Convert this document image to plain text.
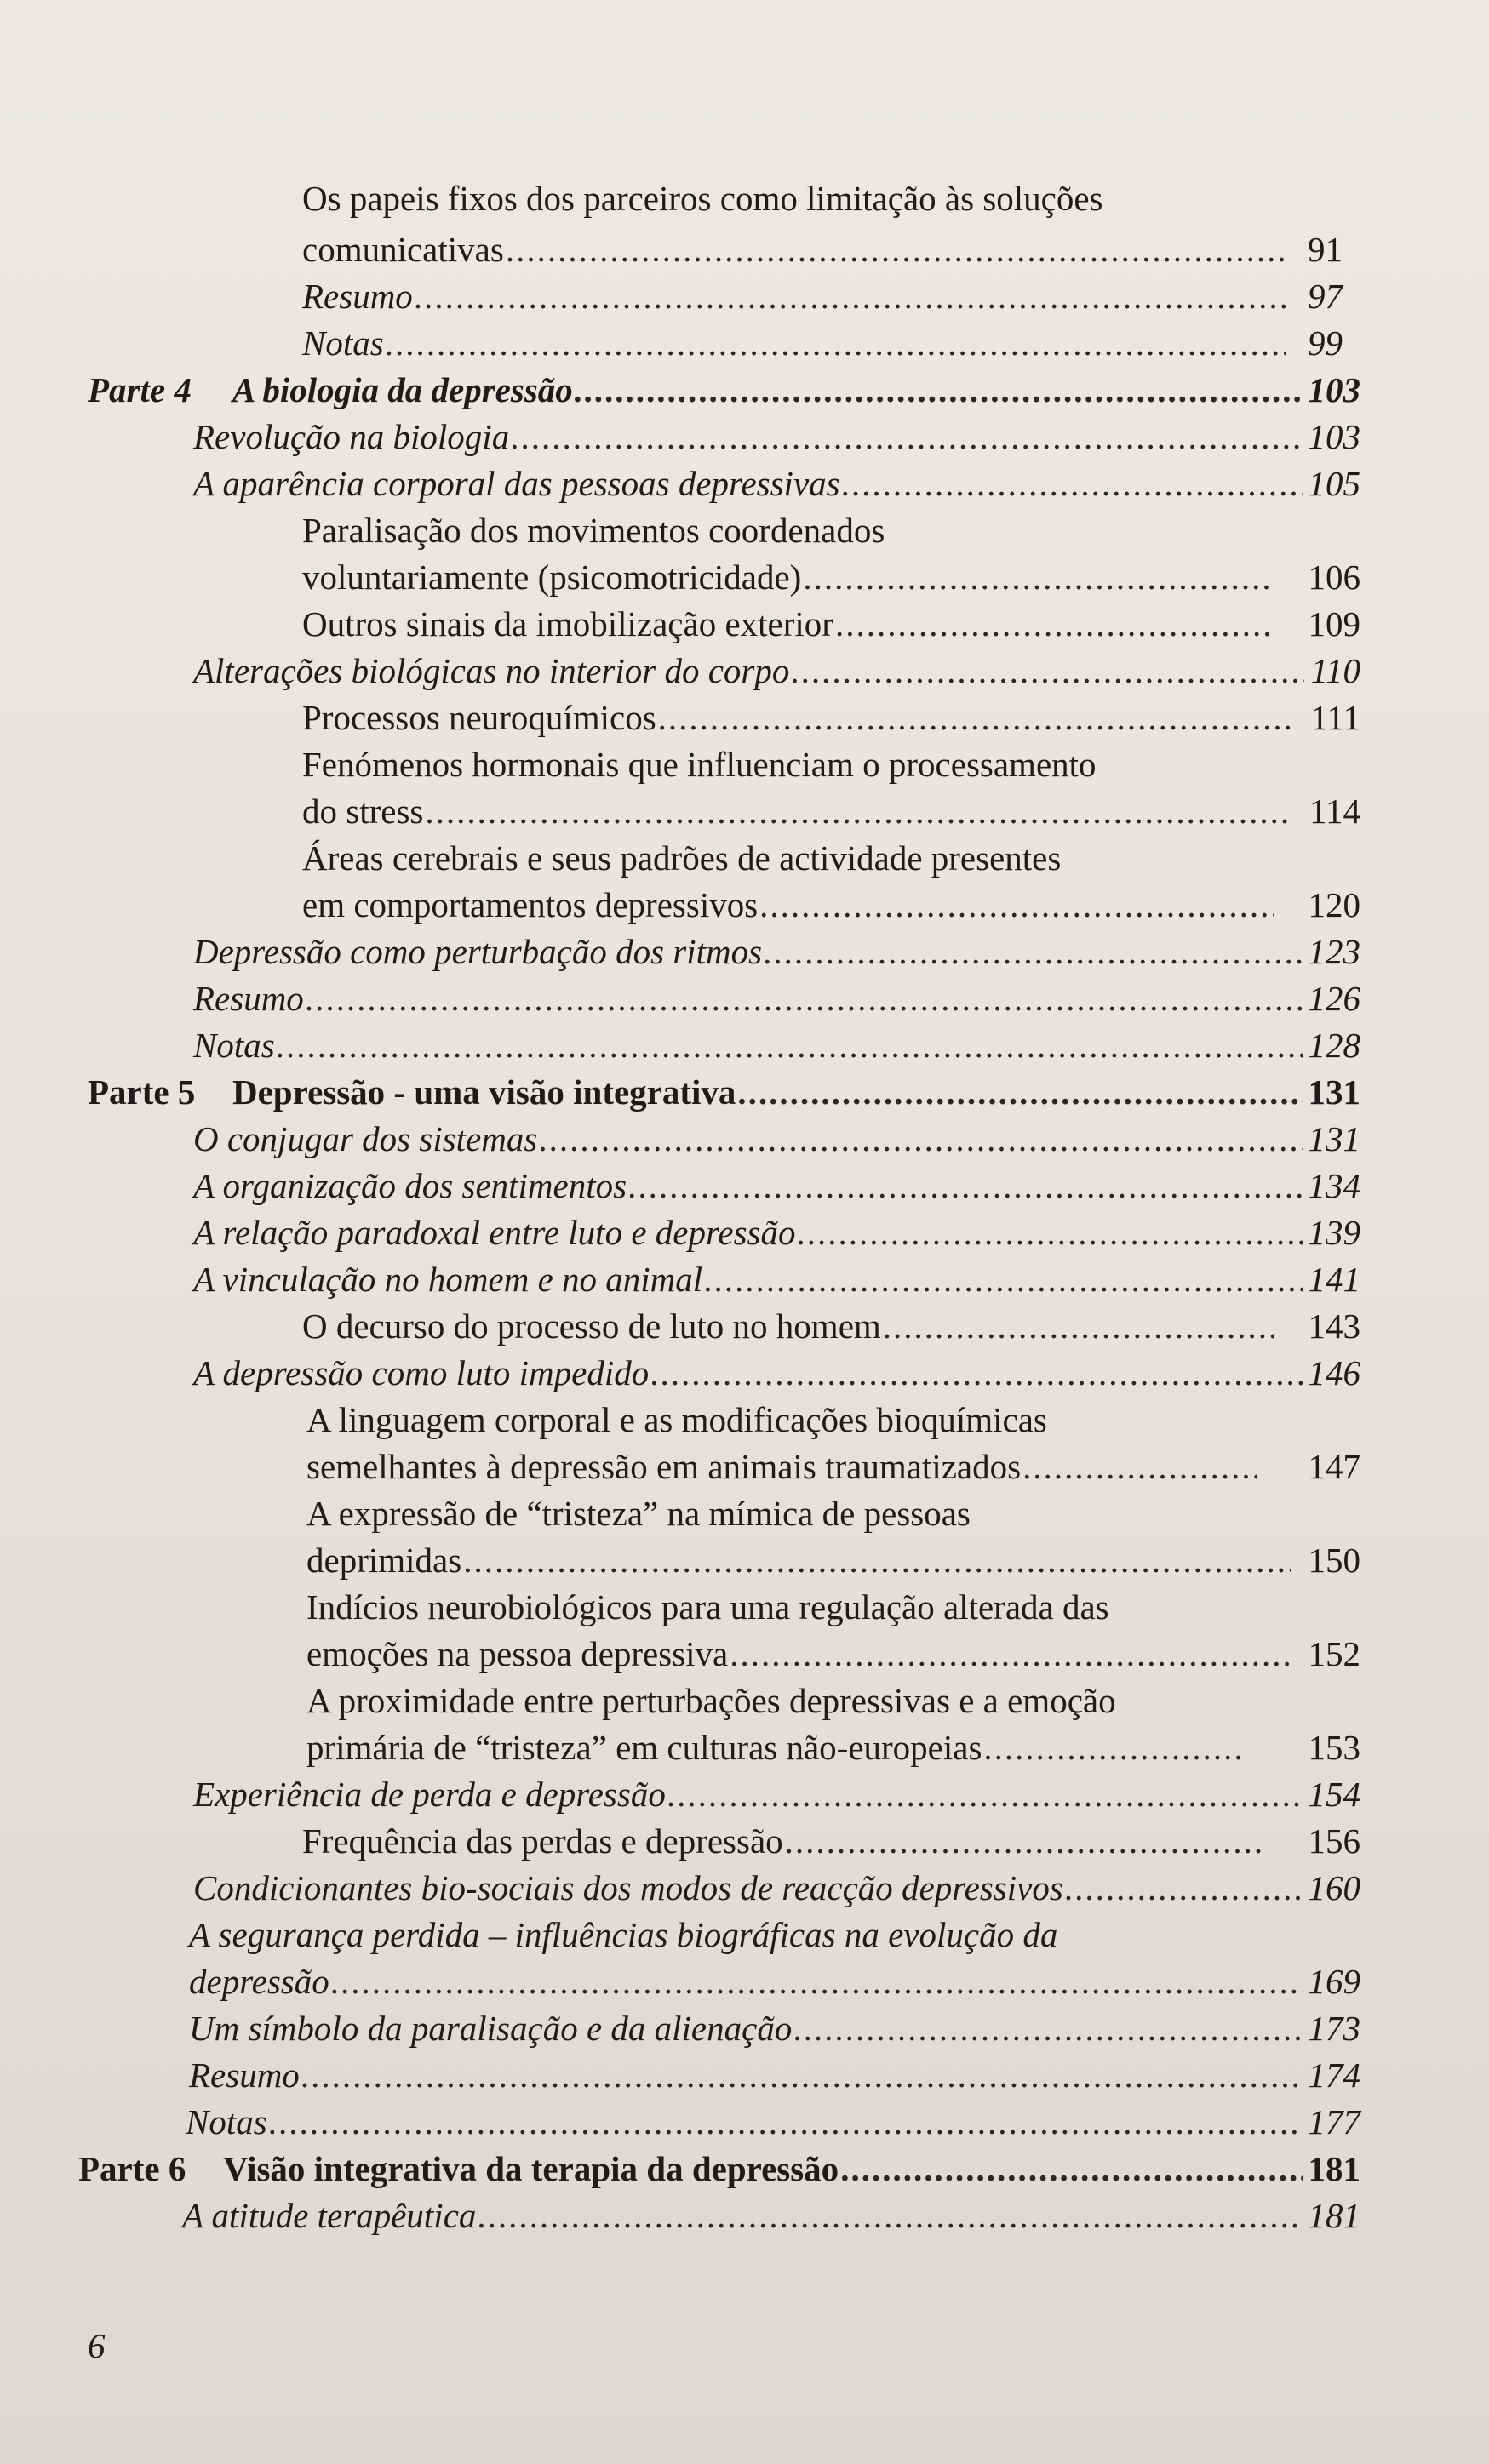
Os papeis fixos dos parceiros como limitação às soluções
comunicativas .....	91
Resumo .....	97
Notas .....	99
Parte 4 A biologia da depressão .....	103
Revolução na biologia .....	103
A aparência corporal das pessoas depressivas .....	105
Paralisação dos movimentos coordenados
voluntariamente (psicomotricidade) .....	106
Outros sinais da imobilização exterior .....	109
Alterações biológicas no interior do corpo .....	110
Processos neuroquímicos .....	111
Fenómenos hormonais que influenciam o processamento
do stress .....	114
Áreas cerebrais e seus padrões de actividade presentes
em comportamentos depressivos .....	120
Depressão como perturbação dos ritmos .....	123
Resumo .....	126
Notas .....	128
Parte 5 Depressão - uma visão integrativa .....	131
O conjugar dos sistemas .....	131
A organização dos sentimentos .....	134
A relação paradoxal entre luto e depressão .....	139
A vinculação no homem e no animal .....	141
O decurso do processo de luto no homem .....	143
A depressão como luto impedido .....	146
A linguagem corporal e as modificações bioquímicas
semelhantes à depressão em animais traumatizados .....	147
A expressão de “tristeza” na mímica de pessoas
deprimidas .....	150
Indícios neurobiológicos para uma regulação alterada das
emoções na pessoa depressiva .....	152
A proximidade entre perturbações depressivas e a emoção
primária de “tristeza” em culturas não-europeias .....	153
Experiência de perda e depressão .....	154
Frequência das perdas e depressão .....	156
Condicionantes bio-sociais dos modos de reacção depressivos .....	160
A segurança perdida – influências biográficas na evolução da
depressão .....	169
Um símbolo da paralisação e da alienação .....	173
Resumo .....	174
Notas .....	177
Parte 6 Visão integrativa da terapia da depressão .....	181
A atitude terapêutica .....	181
6
